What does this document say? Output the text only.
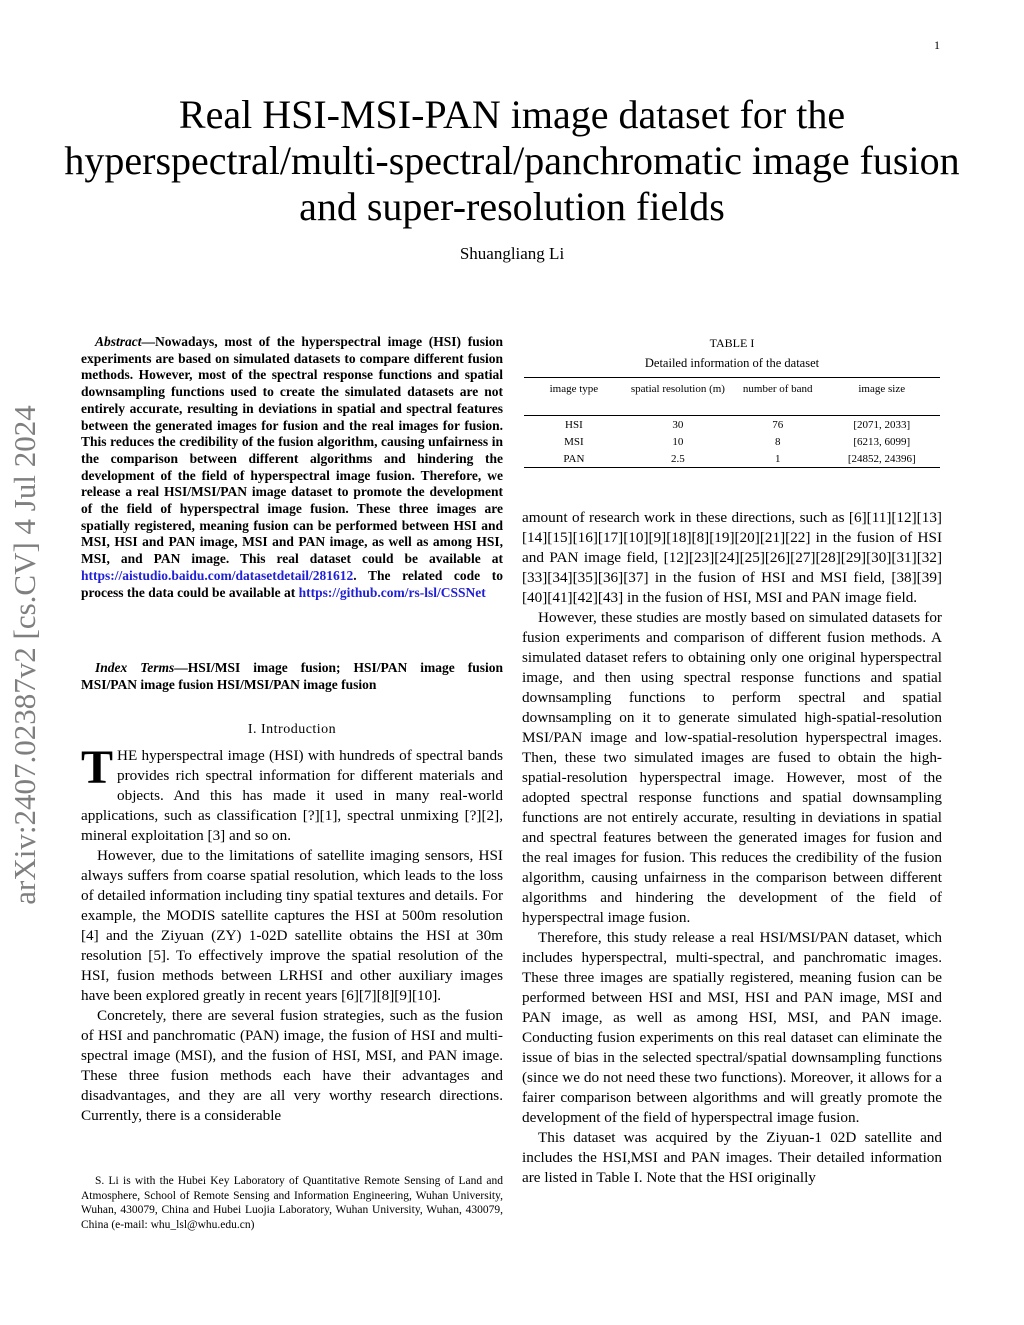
1
arXiv:2407.02387v2 [cs.CV] 4 Jul 2024
Real HSI-MSI-PAN image dataset for the hyperspectral/multi-spectral/panchromatic image fusion and super-resolution fields
Shuangliang Li

Abstract—Nowadays, most of the hyperspectral image (HSI) fusion experiments are based on simulated datasets to compare different fusion methods. However, most of the spectral response functions and spatial downsampling functions used to create the simulated datasets are not entirely accurate, resulting in deviations in spatial and spectral features between the generated images for fusion and the real images for fusion. This reduces the credibility of the fusion algorithm, causing unfairness in the comparison between different algorithms and hindering the development of the field of hyperspectral image fusion. Therefore, we release a real HSI/MSI/PAN image dataset to promote the development of the field of hyperspectral image fusion. These three images are spatially registered, meaning fusion can be performed between HSI and MSI, HSI and PAN image, MSI and PAN image, as well as among HSI, MSI, and PAN image. This real dataset could be available at https://aistudio.baidu.com/datasetdetail/281612. The related code to process the data could be available at https://github.com/rs-lsl/CSSNet

Index Terms—HSI/MSI image fusion; HSI/PAN image fusion MSI/PAN image fusion HSI/MSI/PAN image fusion

I. Introduction

THE hyperspectral image (HSI) with hundreds of spectral bands provides rich spectral information for different materials and objects. And this has made it used in many real-world applications, such as classification [?][1], spectral unmixing [?][2], mineral exploitation [3] and so on.

However, due to the limitations of satellite imaging sensors, HSI always suffers from coarse spatial resolution, which leads to the loss of detailed information including tiny spatial textures and details. For example, the MODIS satellite captures the HSI at 500m resolution [4] and the Ziyuan (ZY) 1-02D satellite obtains the HSI at 30m resolution [5]. To effectively improve the spatial resolution of the HSI, fusion methods between LRHSI and other auxiliary images have been explored greatly in recent years [6][7][8][9][10].

Concretely, there are several fusion strategies, such as the fusion of HSI and panchromatic (PAN) image, the fusion of HSI and multi-spectral image (MSI), and the fusion of HSI, MSI, and PAN image. These three fusion methods each have their advantages and disadvantages, and they are all very worthy research directions. Currently, there is a considerable

S. Li is with the Hubei Key Laboratory of Quantitative Remote Sensing of Land and Atmosphere, School of Remote Sensing and Information Engineering, Wuhan University, Wuhan, 430079, China and Hubei Luojia Laboratory, Wuhan University, Wuhan, 430079, China (e-mail: whu_lsl@whu.edu.cn)
TABLE I
Detailed information of the dataset
image type	spatial resolution (m)	number of band	image size
HSI	30	76	[2071, 2033]
MSI	10	8	[6213, 6099]
PAN	2.5	1	[24852, 24396]

amount of research work in these directions, such as [6][11][12][13][14][15][16][17][10][9][18][8][19][20][21][22] in the fusion of HSI and PAN image field, [12][23][24][25][26][27][28][29][30][31][32][33][34][35][36][37] in the fusion of HSI and MSI field, [38][39][40][41][42][43] in the fusion of HSI, MSI and PAN image field.

However, these studies are mostly based on simulated datasets for fusion experiments and comparison of different fusion methods. A simulated dataset refers to obtaining only one original hyperspectral image, and then using spectral response functions and spatial downsampling functions to perform spectral and spatial downsampling on it to generate simulated high-spatial-resolution MSI/PAN image and low-spatial-resolution hyperspectral images. Then, these two simulated images are fused to obtain the high-spatial-resolution hyperspectral image. However, most of the adopted spectral response functions and spatial downsampling functions are not entirely accurate, resulting in deviations in spatial and spectral features between the generated images for fusion and the real images for fusion. This reduces the credibility of the fusion algorithm, causing unfairness in the comparison between different algorithms and hindering the development of the field of hyperspectral image fusion.

Therefore, this study release a real HSI/MSI/PAN dataset, which includes hyperspectral, multi-spectral, and panchromatic images. These three images are spatially registered, meaning fusion can be performed between HSI and MSI, HSI and PAN image, MSI and PAN image, as well as among HSI, MSI, and PAN image. Conducting fusion experiments on this real dataset can eliminate the issue of bias in the selected spectral/spatial downsampling functions (since we do not need these two functions). Moreover, it allows for a fairer comparison between algorithms and will greatly promote the development of the field of hyperspectral image fusion.

This dataset was acquired by the Ziyuan-1 02D satellite and includes the HSI,MSI and PAN images. Their detailed information are listed in Table I. Note that the HSI originally
